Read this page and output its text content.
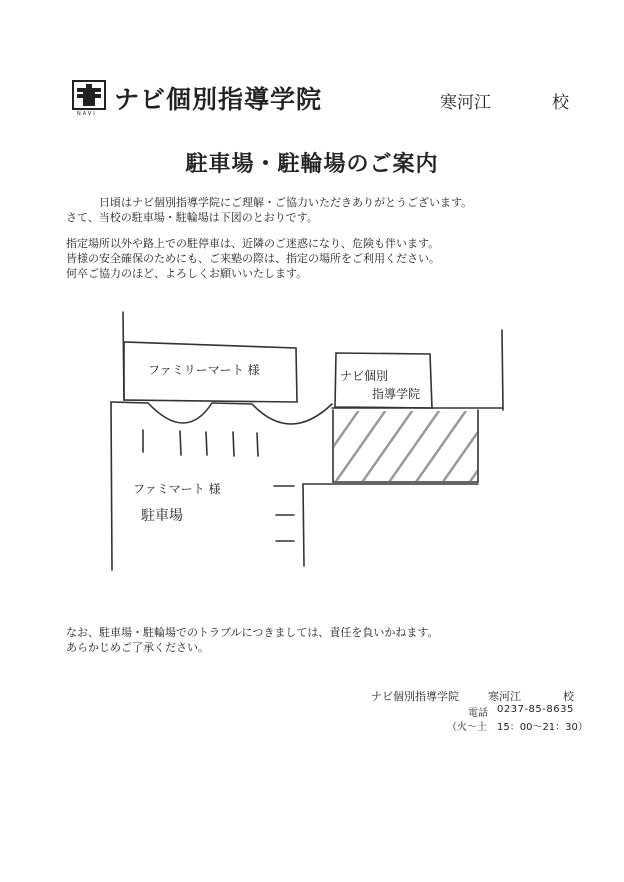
ナビ個別指導学院
NAVI
寒河江	校
駐車場・駐輪場のご案内
　　　日頃はナビ個別指導学院にご理解・ご協力いただきありがとうございます。
さて、当校の駐車場・駐輪場は下図のとおりです。
指定場所以外や路上での駐停車は、近隣のご迷惑になり、危険も伴います。
皆様の安全確保のためにも、ご来塾の際は、指定の場所をご利用ください。
何卒ご協力のほど、よろしくお願いいたします。
ファミリーマート 様	ナビ個別
指導学院
ファミマート 様
駐車場
なお、駐車場・駐輪場でのトラブルにつきましては、責任を負いかねます。
あらかじめご了承ください。
ナビ個別指導学院	寒河江	校
電話 0237-85-8635
（火～土　15：00～21：30）
